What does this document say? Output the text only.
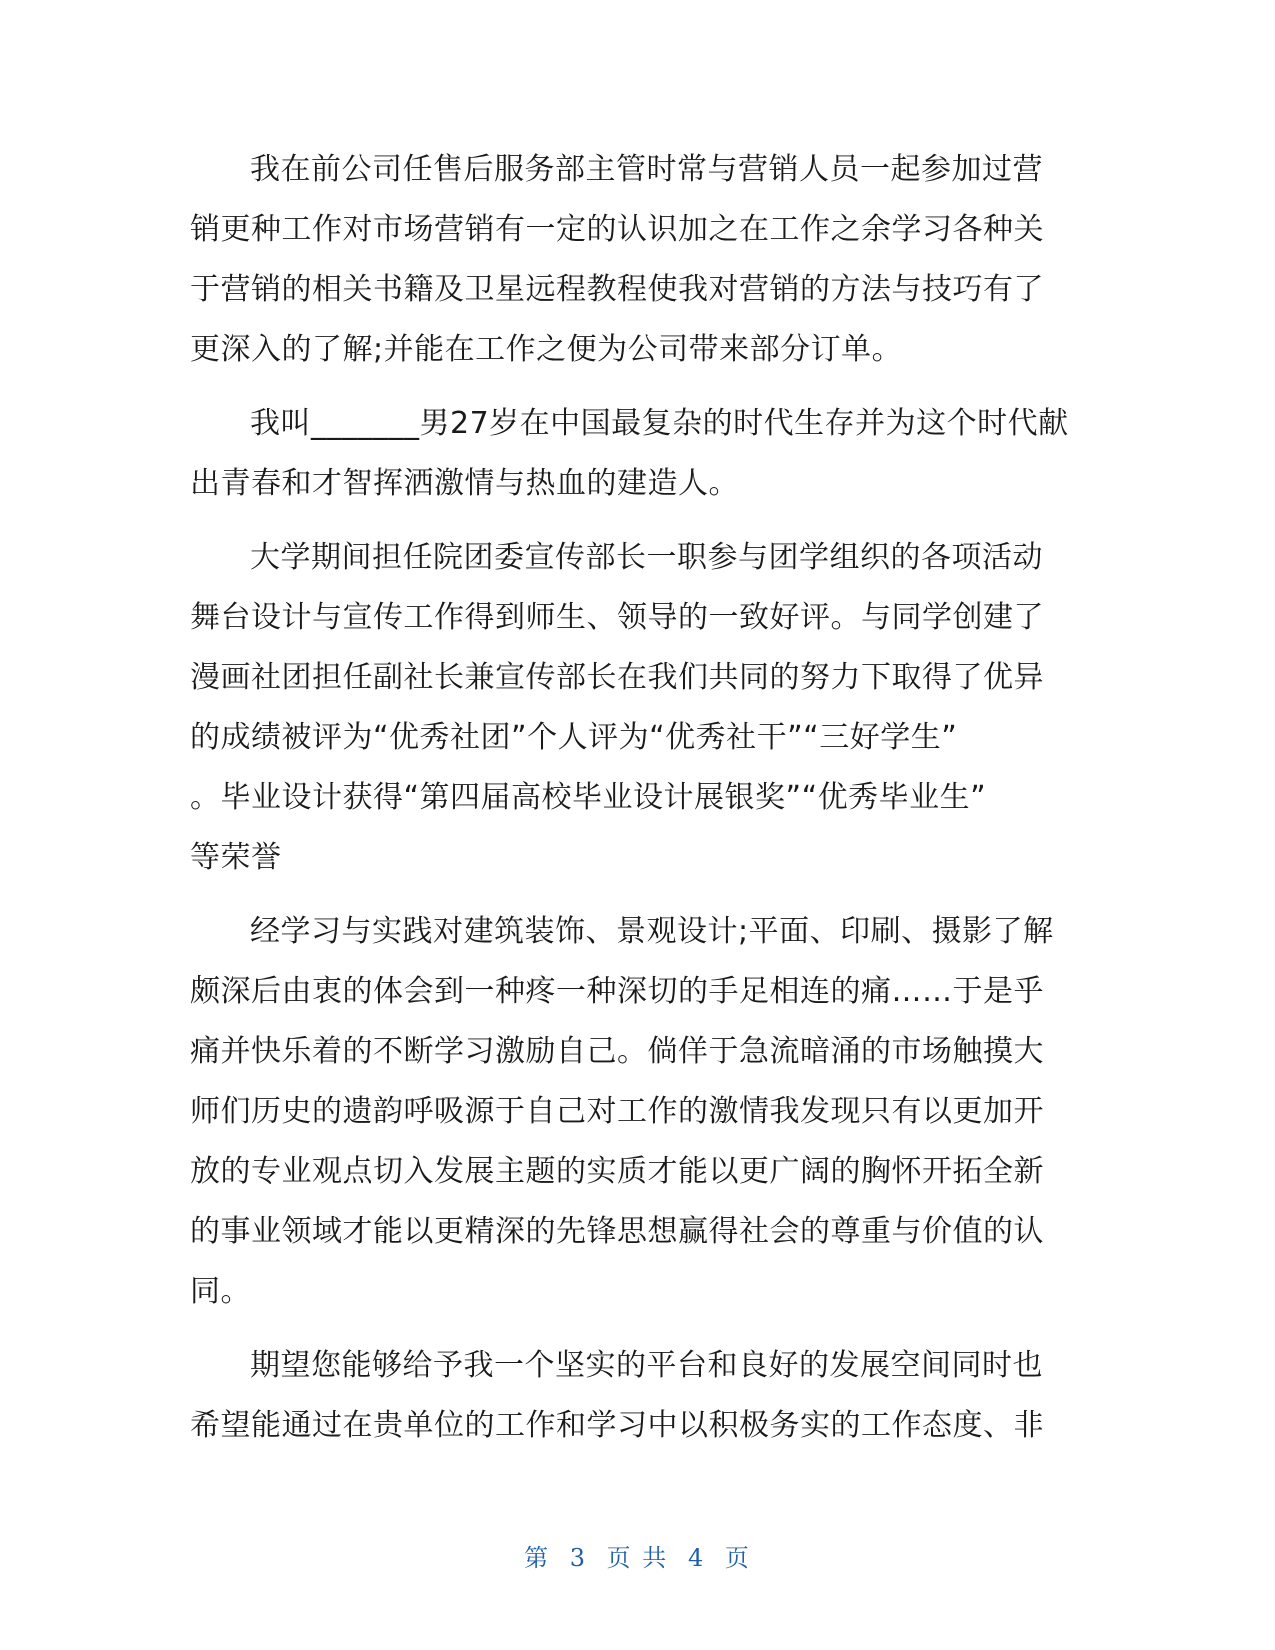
我在前公司任售后服务部主管时常与营销人员一起参加过营
销更种工作对市场营销有一定的认识加之在工作之余学习各种关
于营销的相关书籍及卫星远程教程使我对营销的方法与技巧有了
更深入的了解;并能在工作之便为公司带来部分订单。
我叫_______男27岁在中国最复杂的时代生存并为这个时代献
出青春和才智挥洒激情与热血的建造人。
大学期间担任院团委宣传部长一职参与团学组织的各项活动
舞台设计与宣传工作得到师生、领导的一致好评。与同学创建了
漫画社团担任副社长兼宣传部长在我们共同的努力下取得了优异
的成绩被评为“优秀社团”个人评为“优秀社干”“三好学生”
。毕业设计获得“第四届高校毕业设计展银奖”“优秀毕业生”
等荣誉
经学习与实践对建筑装饰、景观设计;平面、印刷、摄影了解
颇深后由衷的体会到一种疼一种深切的手足相连的痛……于是乎
痛并快乐着的不断学习激励自己。倘佯于急流暗涌的市场触摸大
师们历史的遗韵呼吸源于自己对工作的激情我发现只有以更加开
放的专业观点切入发展主题的实质才能以更广阔的胸怀开拓全新
的事业领域才能以更精深的先锋思想赢得社会的尊重与价值的认
同。
期望您能够给予我一个坚实的平台和良好的发展空间同时也
希望能通过在贵单位的工作和学习中以积极务实的工作态度、非
第 3 页 共 4 页
